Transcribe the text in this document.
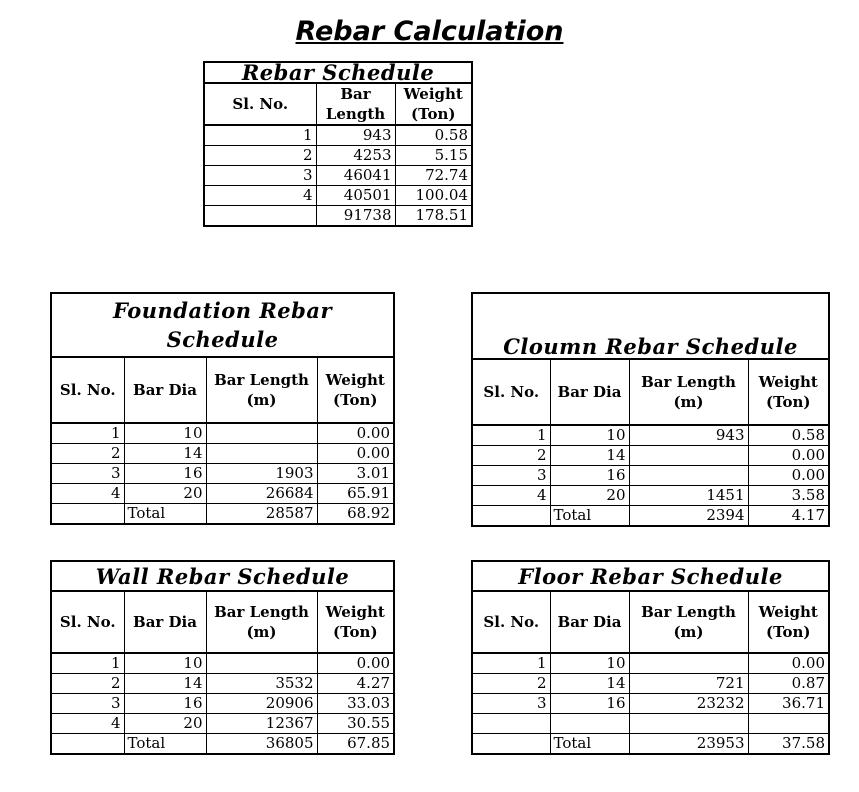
Rebar Calculation
Rebar Schedule		
Sl. No.	Bar Length	Weight (Ton)
1	943	0.58
2	4253	5.15
3	46041	72.74
4	40501	100.04
	91738	178.51
Foundation Rebar
Schedule			

Sl. No.	Bar Dia	Bar Length (m)	Weight (Ton)
1	10		0.00
2	14		0.00
3	16	1903	3.01
4	20	26684	65.91
	Total	28587	68.92
Cloumn Rebar Schedule			
Sl. No.	Bar Dia	Bar Length (m)	Weight (Ton)
1	10	943	0.58
2	14		0.00
3	16		0.00
4	20	1451	3.58
	Total	2394	4.17
Wall Rebar Schedule			
Sl. No.	Bar Dia	Bar Length (m)	Weight (Ton)
1	10		0.00
2	14	3532	4.27
3	16	20906	33.03
4	20	12367	30.55
	Total	36805	67.85
Floor Rebar Schedule			
Sl. No.	Bar Dia	Bar Length (m)	Weight (Ton)
1	10		0.00
2	14	721	0.87
3	16	23232	36.71

	Total	23953	37.58
